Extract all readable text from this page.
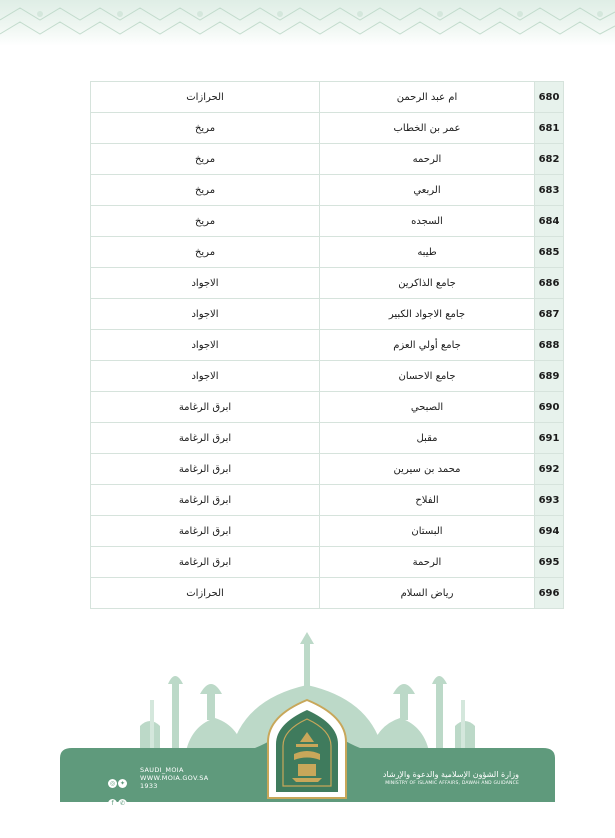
الحرازات	ام عبد الرحمن	680
مريخ	عمر بن الخطاب	681
مريخ	الرحمه	682
مريخ	الربعي	683
مريخ	السجده	684
مريخ	طيبه	685
الاجواد	جامع الذاكرين	686
الاجواد	جامع الاجواد الكبير	687
الاجواد	جامع أولي العزم	688
الاجواد	جامع الاحسان	689
ابرق الرغامة	الصبحي	690
ابرق الرغامة	مقبل	691
ابرق الرغامة	محمد بن سيرين	692
ابرق الرغامة	الفلاح	693
ابرق الرغامة	البستان	694
ابرق الرغامة	الرحمة	695
الحرازات	رياض السلام	696
◎ ✦f ✆
SAUDI_MOIA
WWW.MOIA.GOV.SA
1933
وزارة الشؤون الإسلامية والدعوة والإرشاد
MINISTRY OF ISLAMIC AFFAIRS, DAWAH AND GUIDANCE
